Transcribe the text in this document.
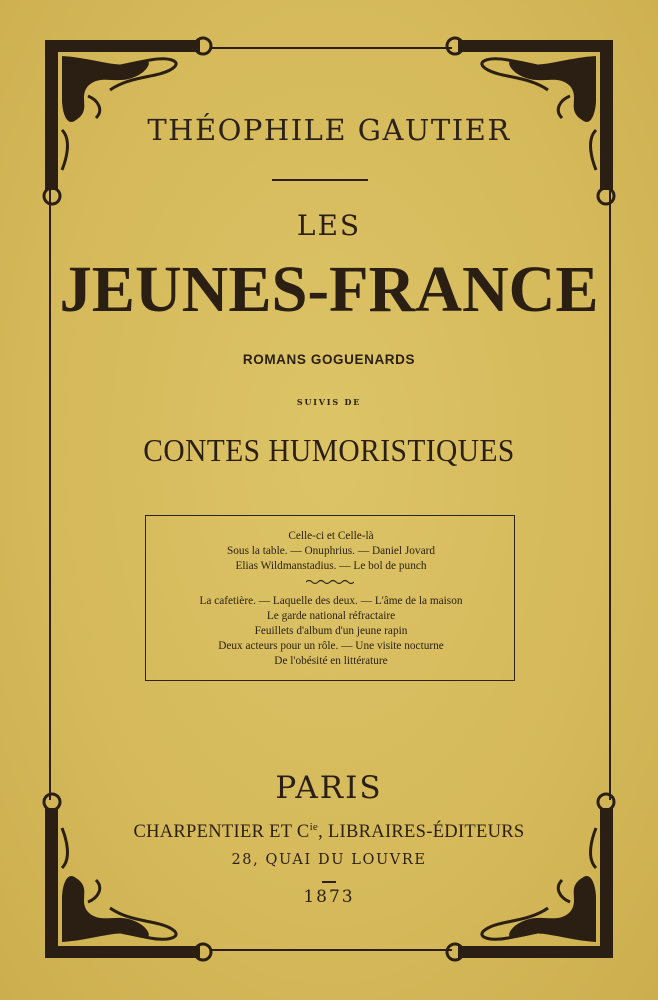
THÉOPHILE GAUTIER
LES
JEUNES-FRANCE
ROMANS GOGUENARDS
SUIVIS DE
CONTES HUMORISTIQUES
Celle-ci et Celle-là
Sous la table. — Onuphrius. — Daniel Jovard
Elias Wildmanstadius. — Le bol de punch
La cafetière. — Laquelle des deux. — L'âme de la maison
Le garde national réfractaire
Feuillets d'album d'un jeune rapin
Deux acteurs pour un rôle. — Une visite nocturne
De l'obésité en littérature
PARIS
CHARPENTIER ET $C^{ie}$, LIBRAIRES-ÉDITEURS
28, QUAI DU LOUVRE
1873
